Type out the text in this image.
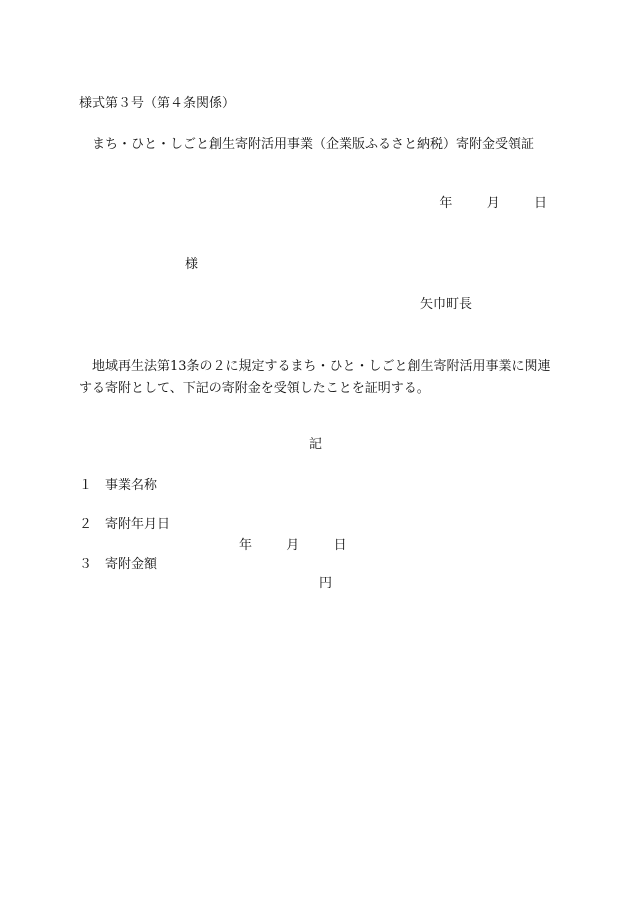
様式第３号（第４条関係）
まち・ひと・しごと創生寄附活用事業（企業版ふるさと納税）寄附金受領証
年	月	日
様
矢巾町長
地域再生法第13条の２に規定するまち・ひと・しごと創生寄附活用事業に関連する寄附として、下記の寄附金を受領したことを証明する。
記
１ 事業名称
２ 寄附年月日
年	月	日
３ 寄附金額
円
